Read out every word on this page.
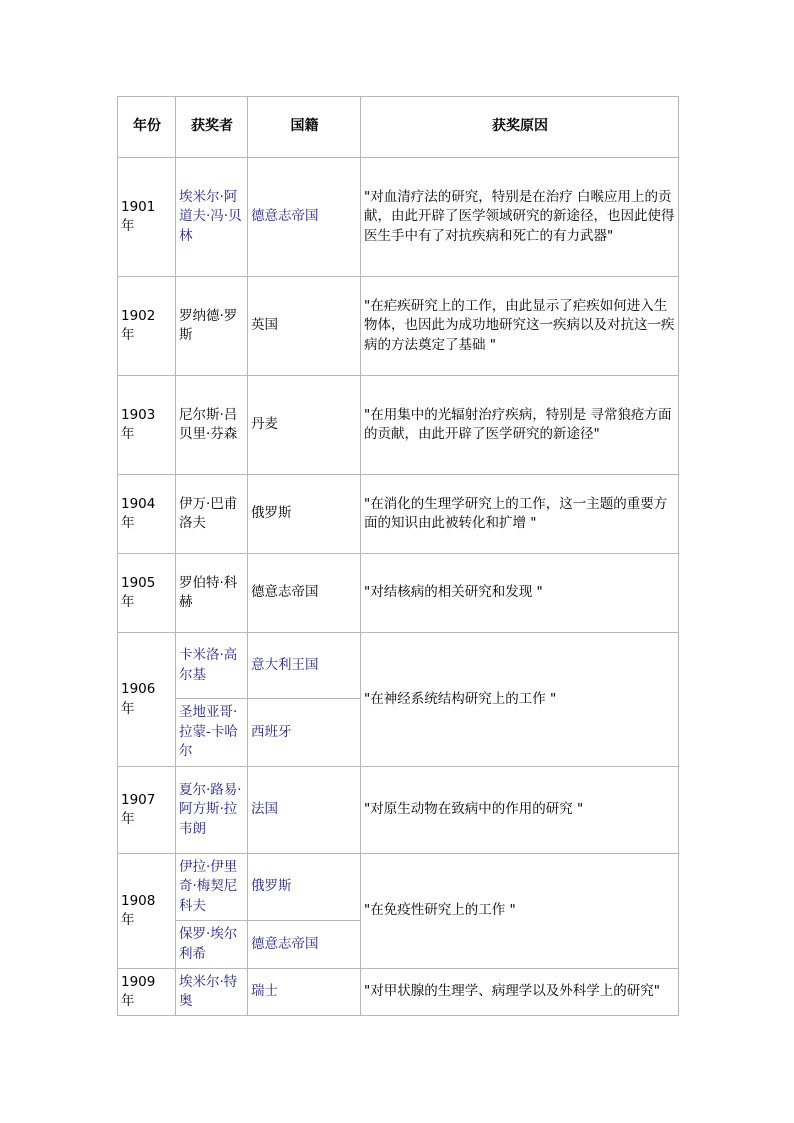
年份	获奖者	国籍	获奖原因
1901 年	埃米尔·阿道夫·冯·贝林	德意志帝国	"对血清疗法的研究，特别是在治疗 白喉应用上的贡献，由此开辟了医学领域研究的新途径，也因此使得医生手中有了对抗疾病和死亡的有力武器"
1902 年	罗纳德·罗斯	英国	"在疟疾研究上的工作，由此显示了疟疾如何进入生物体，也因此为成功地研究这一疾病以及对抗这一疾病的方法奠定了基础 "
1903 年	尼尔斯·吕贝里·芬森	丹麦	"在用集中的光辐射治疗疾病，特别是 寻常狼疮方面的贡献，由此开辟了医学研究的新途径"
1904 年	伊万·巴甫洛夫	俄罗斯	"在消化的生理学研究上的工作，这一主题的重要方面的知识由此被转化和扩增 "
1905 年	罗伯特·科赫	德意志帝国	"对结核病的相关研究和发现 "
1906 年	卡米洛·高尔基	意大利王国	"在神经系统结构研究上的工作 "
	圣地亚哥·拉蒙-卡哈尔	西班牙	
1907 年	夏尔·路易·阿方斯·拉韦朗	法国	"对原生动物在致病中的作用的研究 "
1908 年	伊拉·伊里奇·梅契尼科夫	俄罗斯	"在免疫性研究上的工作 "
	保罗·埃尔利希	德意志帝国	
1909 年	埃米尔·特奥	瑞士	"对甲状腺的生理学、病理学以及外科学上的研究"
